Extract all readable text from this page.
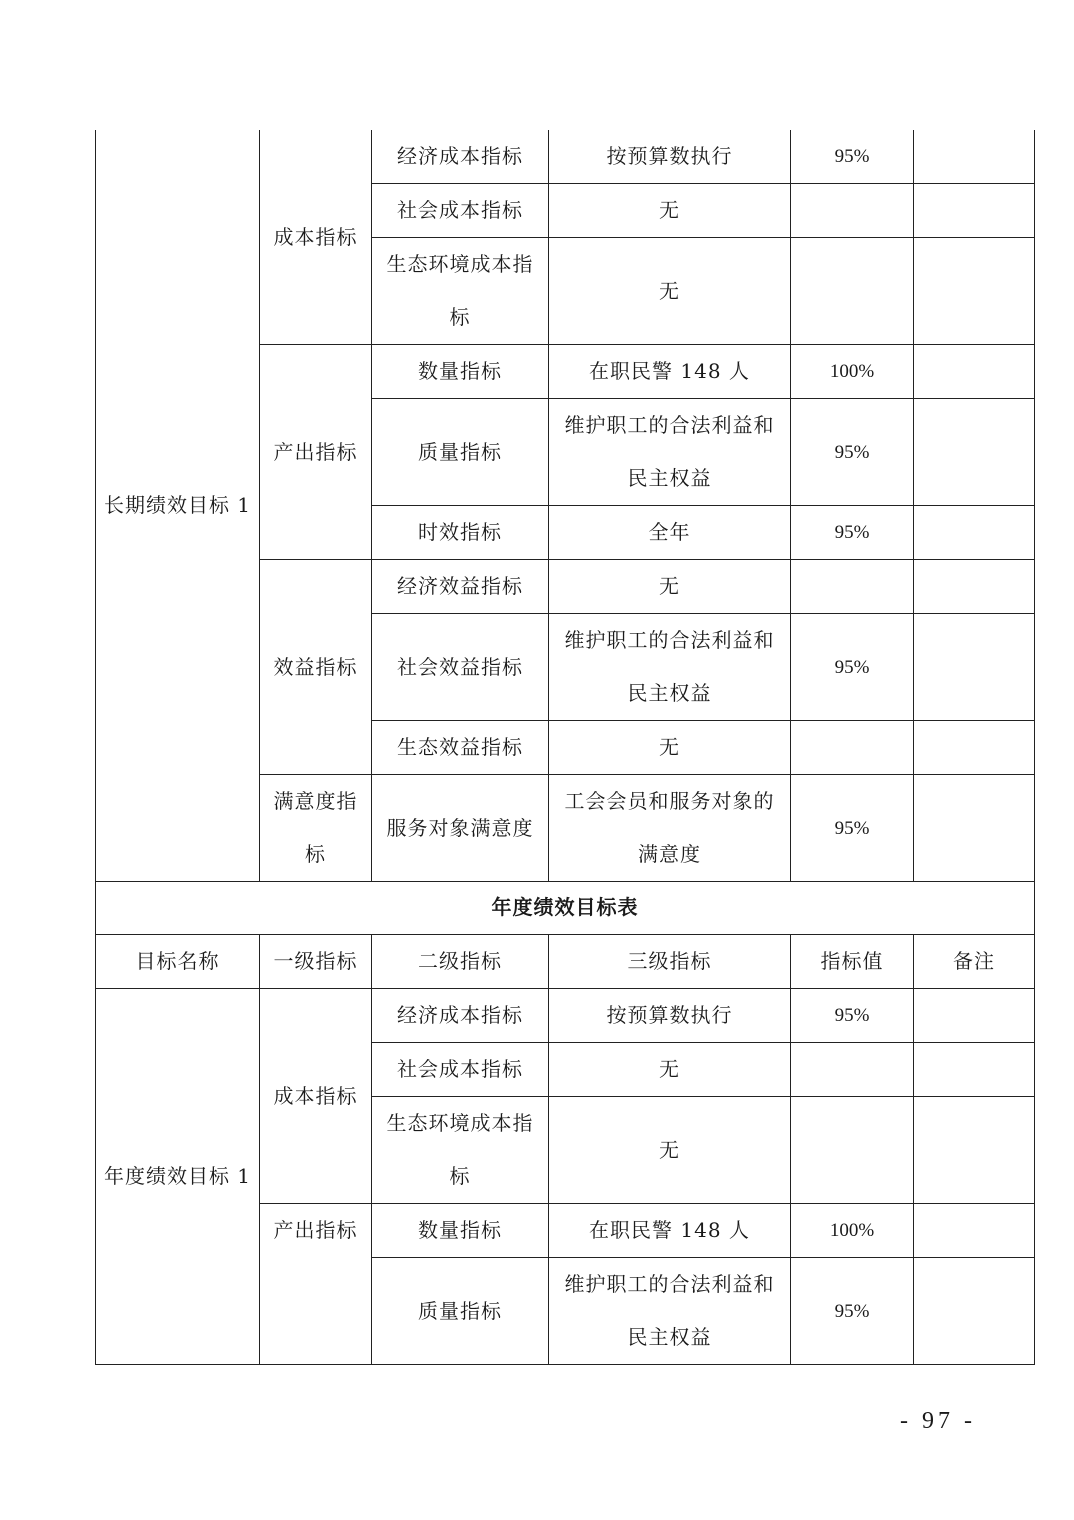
长期绩效目标 1	成本指标	经济成本指标	按预算数执行	95%	
		社会成本指标	无		
		生态环境成本指标	无		
	产出指标	数量指标	在职民警 148 人	100%	
		质量指标	维护职工的合法利益和民主权益	95%	
		时效指标	全年	95%	
	效益指标	经济效益指标	无		
		社会效益指标	维护职工的合法利益和民主权益	95%	
		生态效益指标	无		
	满意度指标	服务对象满意度	工会会员和服务对象的满意度	95%	
年度绩效目标表					
目标名称	一级指标	二级指标	三级指标	指标值	备注
年度绩效目标 1	成本指标	经济成本指标	按预算数执行	95%	
		社会成本指标	无		
		生态环境成本指标	无		
	产出指标	数量指标	在职民警 148 人	100%	
		质量指标	维护职工的合法利益和民主权益	95%	
- 97 -
